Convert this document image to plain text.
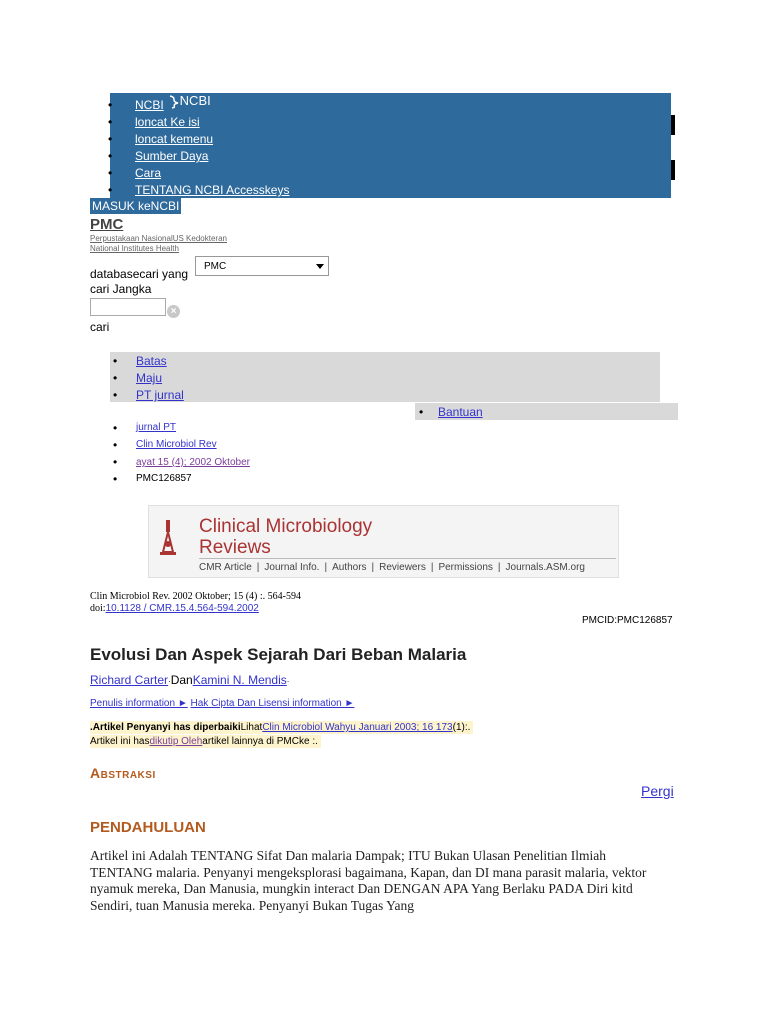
• NCBI NCBI
• loncat Ke isi
• loncat kemenu
• Sumber Daya
• Cara
• TENTANG NCBI Accesskeys
MASUK keNCBI
PMC
Perpustakaan NasionalUS Kedokteran
National Institutes Health
databasecari yang
PMC
cari Jangka
×
cari
• Batas
• Maju
• PT jurnal
• Bantuan
• jurnal PT
• Clin Microbiol Rev
• ayat 15 (4); 2002 Oktober
• PMC126857
Clinical Microbiology
Reviews
CMR Article | Journal Info. | Authors | Reviewers | Permissions | Journals.ASM.org
Clin Microbiol Rev. 2002 Oktober; 15 (4) :. 564-594
doi:10.1128 / CMR.15.4.564-594.2002
PMCID:PMC126857
Evolusi Dan Aspek Sejarah Dari Beban Malaria
Richard Carter·DanKamini N. Mendis·
Penulis information ► Hak Cipta Dan Lisensi information ►
.Artikel Penyanyi has diperbaikiLihatClin Microbiol Wahyu Januari 2003; 16 173(1):.
Artikel ini hasdikutip Olehartikel lainnya di PMCke :.
Abstraksi
Pergi
PENDAHULUAN

Artikel ini Adalah TENTANG Sifat Dan malaria Dampak; ITU Bukan Ulasan Penelitian Ilmiah TENTANG malaria. Penyanyi mengeksplorasi bagaimana, Kapan, dan DI mana parasit malaria, vektor nyamuk mereka, Dan Manusia, mungkin interact Dan DENGAN APA Yang Berlaku PADA Diri kitd Sendiri, tuan Manusia mereka. Penyanyi Bukan Tugas Yang
